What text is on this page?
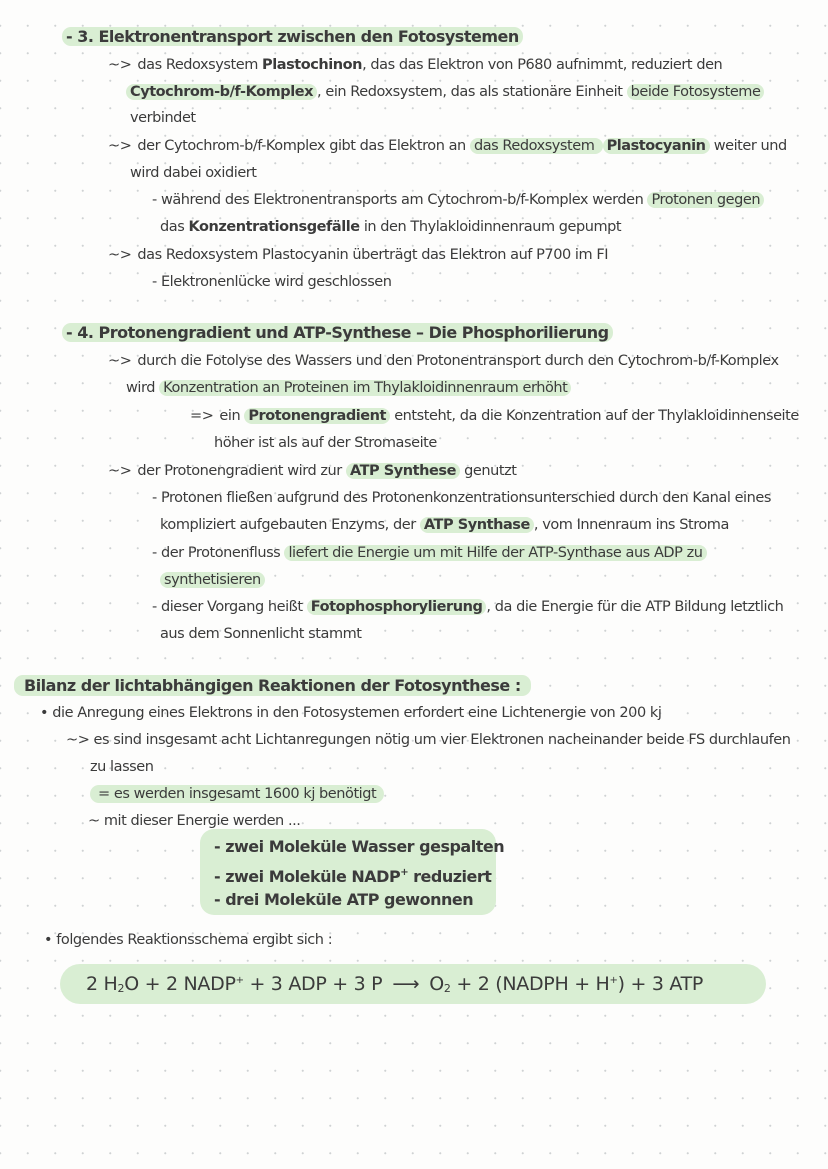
- 3. Elektronentransport zwischen den Fotosystemen
~> das Redoxsystem Plastochinon, das das Elektron von P680 aufnimmt, reduziert den
Cytochrom-b/f-Komplex , ein Redoxsystem, das als stationäre Einheit beide Fotosysteme
verbindet
~> der Cytochrom-b/f-Komplex gibt das Elektron an das Redoxsystem Plastocyanin weiter und
wird dabei oxidiert
- während des Elektronentransports am Cytochrom-b/f-Komplex werden Protonen gegen
das Konzentrationsgefälle in den Thylakloidinnenraum gepumpt
~> das Redoxsystem Plastocyanin überträgt das Elektron auf P700 im FI
- Elektronenlücke wird geschlossen
- 4. Protonengradient und ATP-Synthese – Die Phosphorilierung
~> durch die Fotolyse des Wassers und den Protonentransport durch den Cytochrom-b/f-Komplex
wird Konzentration an Proteinen im Thylakloidinnenraum erhöht
=> ein Protonengradient entsteht, da die Konzentration auf der Thylakloidinnenseite
höher ist als auf der Stromaseite
~> der Protonengradient wird zur ATP Synthese genutzt
- Protonen fließen aufgrund des Protonenkonzentrationsunterschied durch den Kanal eines
kompliziert aufgebauten Enzyms, der ATP Synthase , vom Innenraum ins Stroma
- der Protonenfluss liefert die Energie um mit Hilfe der ATP-Synthase aus ADP zu
synthetisieren
- dieser Vorgang heißt Fotophosphorylierung , da die Energie für die ATP Bildung letztlich
aus dem Sonnenlicht stammt
Bilanz der lichtabhängigen Reaktionen der Fotosynthese :
• die Anregung eines Elektrons in den Fotosystemen erfordert eine Lichtenergie von 200 kj
~> es sind insgesamt acht Lichtanregungen nötig um vier Elektronen nacheinander beide FS durchlaufen
zu lassen
= es werden insgesamt 1600 kj benötigt
~ mit dieser Energie werden ...
- zwei Moleküle Wasser gespalten
- zwei Moleküle NADP+ reduziert
- drei Moleküle ATP gewonnen
• folgendes Reaktionsschema ergibt sich :
2 $H_2O + 2$ NADP+ + 3 ADP + 3 P ⟶ $O_2 + 2$ (NADPH + H+) + 3 ATP
